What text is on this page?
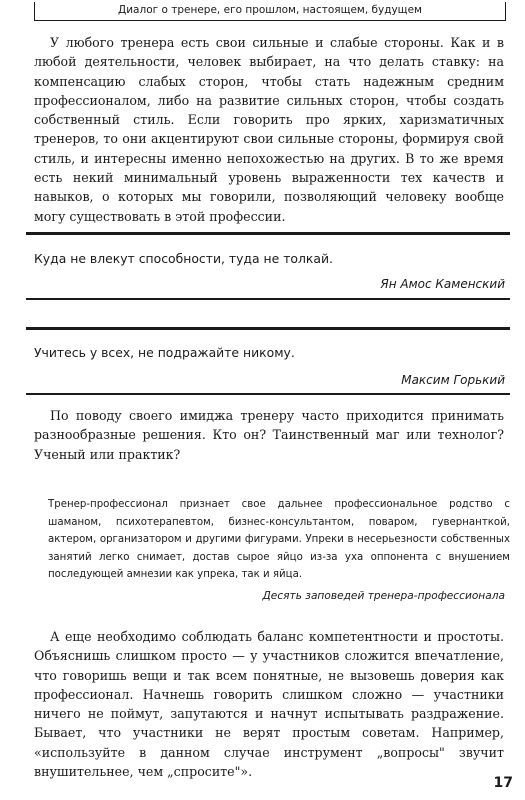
Диалог о тренере, его прошлом, настоящем, будущем

У любого тренера есть свои сильные и слабые стороны. Как и в любой деятельности, человек выбирает, на что делать ставку: на компенсацию слабых сторон, чтобы стать надежным средним профессионалом, либо на развитие сильных сторон, чтобы создать собственный стиль. Если говорить про ярких, харизматичных тренеров, то они акцентируют свои сильные стороны, формируя свой стиль, и интересны именно непохожестью на других. В то же время есть некий минимальный уровень выраженности тех качеств и навыков, о которых мы говорили, позволяющий человеку вообще могу существовать в этой профессии.

Куда не влекут способности, туда не толкай.

Ян Амос Каменский

Учитесь у всех, не подражайте никому.

Максим Горький

По поводу своего имиджа тренеру часто приходится принимать разнообразные решения. Кто он? Таинственный маг или технолог? Ученый или практик?

Тренер-профессионал признает свое дальнее профессиональное родство с шаманом, психотерапевтом, бизнес-консультантом, поваром, гувернанткой, актером, организатором и другими фигурами. Упреки в несерьезности собственных занятий легко снимает, достав сырое яйцо из-за уха оппонента с внушением последующей амнезии как упрека, так и яйца.

Десять заповедей тренера-профессионала

А еще необходимо соблюдать баланс компетентности и простоты. Объяснишь слишком просто — у участников сложится впечатление, что говоришь вещи и так всем понятные, не вызовешь доверия как профессионал. Начнешь говорить слишком сложно — участники ничего не поймут, запутаются и начнут испытывать раздражение. Бывает, что участники не верят простым советам. Например, «используйте в данном случае инструмент „вопросы" звучит внушительнее, чем „спросите"».

17
